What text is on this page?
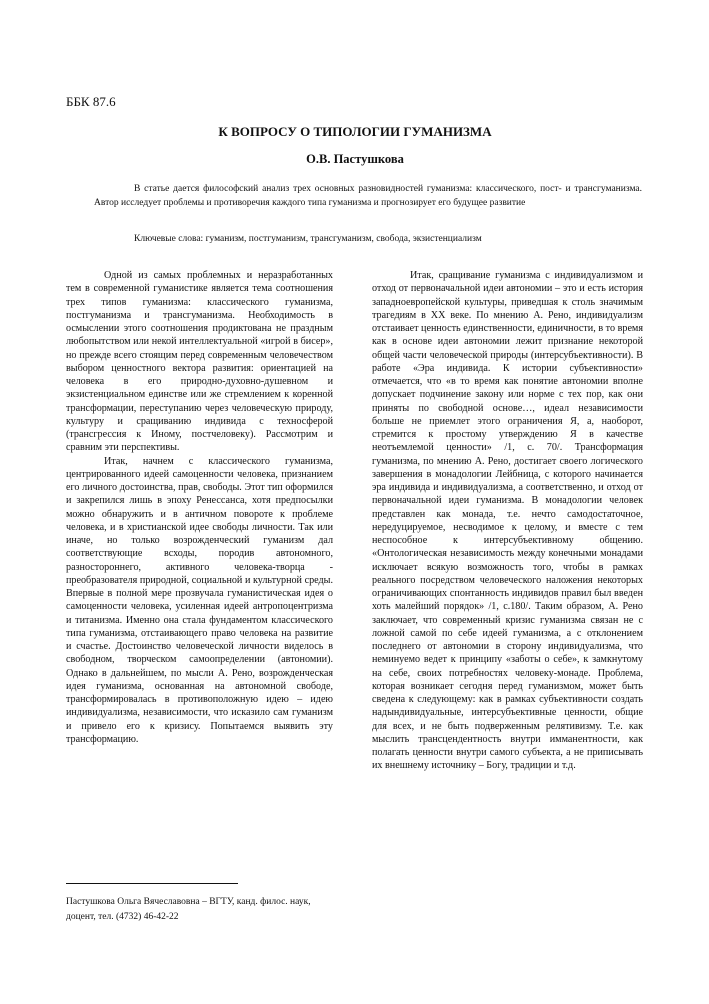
ББК 87.6
К ВОПРОСУ О ТИПОЛОГИИ ГУМАНИЗМА
О.В. Пастушкова

В статье дается философский анализ трех основных разновидностей гуманизма: классического, пост- и трансгуманизма. Автор исследует проблемы и противоречия каждого типа гуманизма и прогнозирует его будущее развитие

Ключевые слова: гуманизм, постгуманизм, трансгуманизм, свобода, экзистенциализм

Одной из самых проблемных и неразработанных тем в современной гуманистике является тема соотношения трех типов гуманизма: классического гуманизма, постгуманизма и трансгуманизма. Необходимость в осмыслении этого соотношения продиктована не праздным любопытством или некой интеллектуальной «игрой в бисер», но прежде всего стоящим перед современным человечеством выбором ценностного вектора развития: ориентацией на человека в его природно-духовно-душевном и экзистенциальном единстве или же стремлением к коренной трансформации, переступанию через человеческую природу, культуру и сращиванию индивида с техносферой (трансгрессия к Иному, постчеловеку). Рассмотрим и сравним эти перспективы.

Итак, начнем с классического гуманизма, центрированного идеей самоценности человека, признанием его личного достоинства, прав, свободы. Этот тип оформился и закрепился лишь в эпоху Ренессанса, хотя предпосылки можно обнаружить и в античном повороте к проблеме человека, и в христианской идее свободы личности. Так или иначе, но только возрожденческий гуманизм дал соответствующие всходы, породив автономного, разностороннего, активного человека-творца - преобразователя природной, социальной и культурной среды. Впервые в полной мере прозвучала гуманистическая идея о самоценности человека, усиленная идеей антропоцентризма и титанизма. Именно она стала фундаментом классического типа гуманизма, отстаивающего право человека на развитие и счастье. Достоинство человеческой личности виделось в свободном, творческом самоопределении (автономии). Однако в дальнейшем, по мысли А. Рено, возрожденческая идея гуманизма, основанная на автономной свободе, трансформировалась в противоположную идею – идею индивидуализма, независимости, что исказило сам гуманизм и привело его к кризису. Попытаемся выявить эту трансформацию.

Итак, сращивание гуманизма с индивидуализмом и отход от первоначальной идеи автономии – это и есть история западноевропейской культуры, приведшая к столь значимым трагедиям в XX веке. По мнению А. Рено, индивидуализм отстаивает ценность единственности, единичности, в то время как в основе идеи автономии лежит признание некоторой общей части человеческой природы (интерсубъективности). В работе «Эра индивида. К истории субъективности» отмечается, что «в то время как понятие автономии вполне допускает подчинение закону или норме с тех пор, как они приняты по свободной основе…, идеал независимости больше не приемлет этого ограничения Я, а, наоборот, стремится к простому утверждению Я в качестве неотъемлемой ценности» /1, с. 70/. Трансформация гуманизма, по мнению А. Рено, достигает своего логического завершения в монадологии Лейбница, с которого начинается эра индивида и индивидуализма, а соответственно, и отход от первоначальной идеи гуманизма. В монадологии человек представлен как монада, т.е. нечто самодостаточное, нередуцируемое, несводимое к целому, и вместе с тем неспособное к интерсубъективному общению. «Онтологическая независимость между конечными монадами исключает всякую возможность того, чтобы в рамках реального посредством человеческого наложения некоторых ограничивающих спонтанность индивидов правил был введен хоть малейший порядок» /1, с.180/. Таким образом, А. Рено заключает, что современный кризис гуманизма связан не с ложной самой по себе идеей гуманизма, а с отклонением последнего от автономии в сторону индивидуализма, что неминуемо ведет к принципу «заботы о себе», к замкнутому на себе, своих потребностях человеку-монаде. Проблема, которая возникает сегодня перед гуманизмом, может быть сведена к следующему: как в рамках субъективности создать надындивидуальные, интерсубъективные ценности, общие для всех, и не быть подверженным релятивизму. Т.е. как мыслить трансцендентность внутри имманентности, как полагать ценности внутри самого субъекта, а не приписывать их внешнему источнику – Богу, традиции и т.д.

Пастушкова Ольга Вячеславовна – ВГТУ, канд. филос. наук, доцент, тел. (4732) 46-42-22
